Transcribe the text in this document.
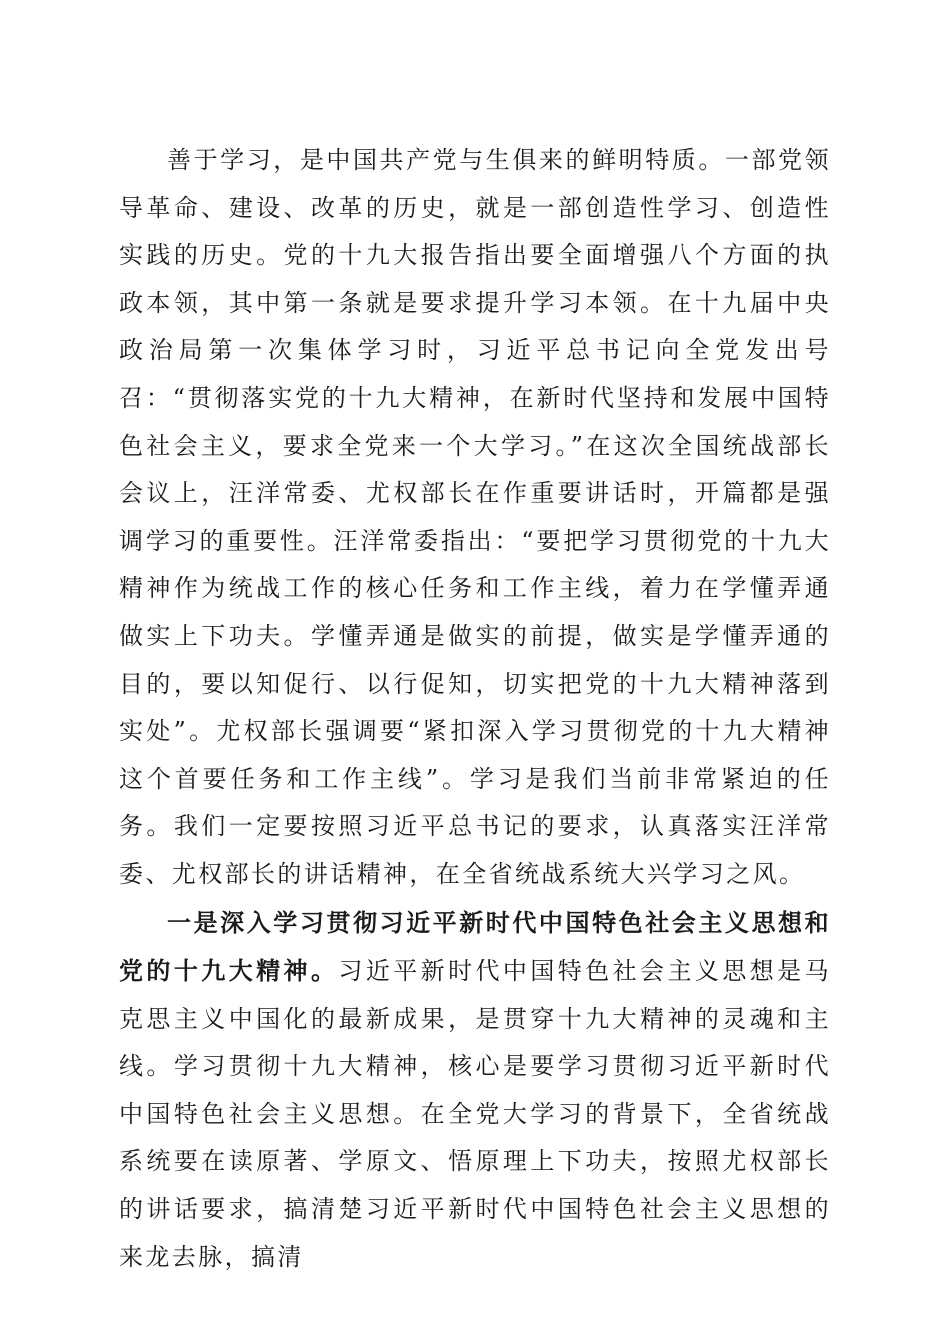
善于学习，是中国共产党与生俱来的鲜明特质。一部党领导革命、建设、改革的历史，就是一部创造性学习、创造性实践的历史。党的十九大报告指出要全面增强八个方面的执政本领，其中第一条就是要求提升学习本领。在十九届中央政治局第一次集体学习时，习近平总书记向全党发出号召：“贯彻落实党的十九大精神，在新时代坚持和发展中国特色社会主义，要求全党来一个大学习。”在这次全国统战部长会议上，汪洋常委、尤权部长在作重要讲话时，开篇都是强调学习的重要性。汪洋常委指出：“要把学习贯彻党的十九大精神作为统战工作的核心任务和工作主线，着力在学懂弄通做实上下功夫。学懂弄通是做实的前提，做实是学懂弄通的目的，要以知促行、以行促知，切实把党的十九大精神落到实处”。尤权部长强调要“紧扣深入学习贯彻党的十九大精神这个首要任务和工作主线”。学习是我们当前非常紧迫的任务。我们一定要按照习近平总书记的要求，认真落实汪洋常委、尤权部长的讲话精神，在全省统战系统大兴学习之风。

一是深入学习贯彻习近平新时代中国特色社会主义思想和党的十九大精神。习近平新时代中国特色社会主义思想是马克思主义中国化的最新成果，是贯穿十九大精神的灵魂和主线。学习贯彻十九大精神，核心是要学习贯彻习近平新时代中国特色社会主义思想。在全党大学习的背景下，全省统战系统要在读原著、学原文、悟原理上下功夫，按照尤权部长的讲话要求，搞清楚习近平新时代中国特色社会主义思想的来龙去脉，搞清
